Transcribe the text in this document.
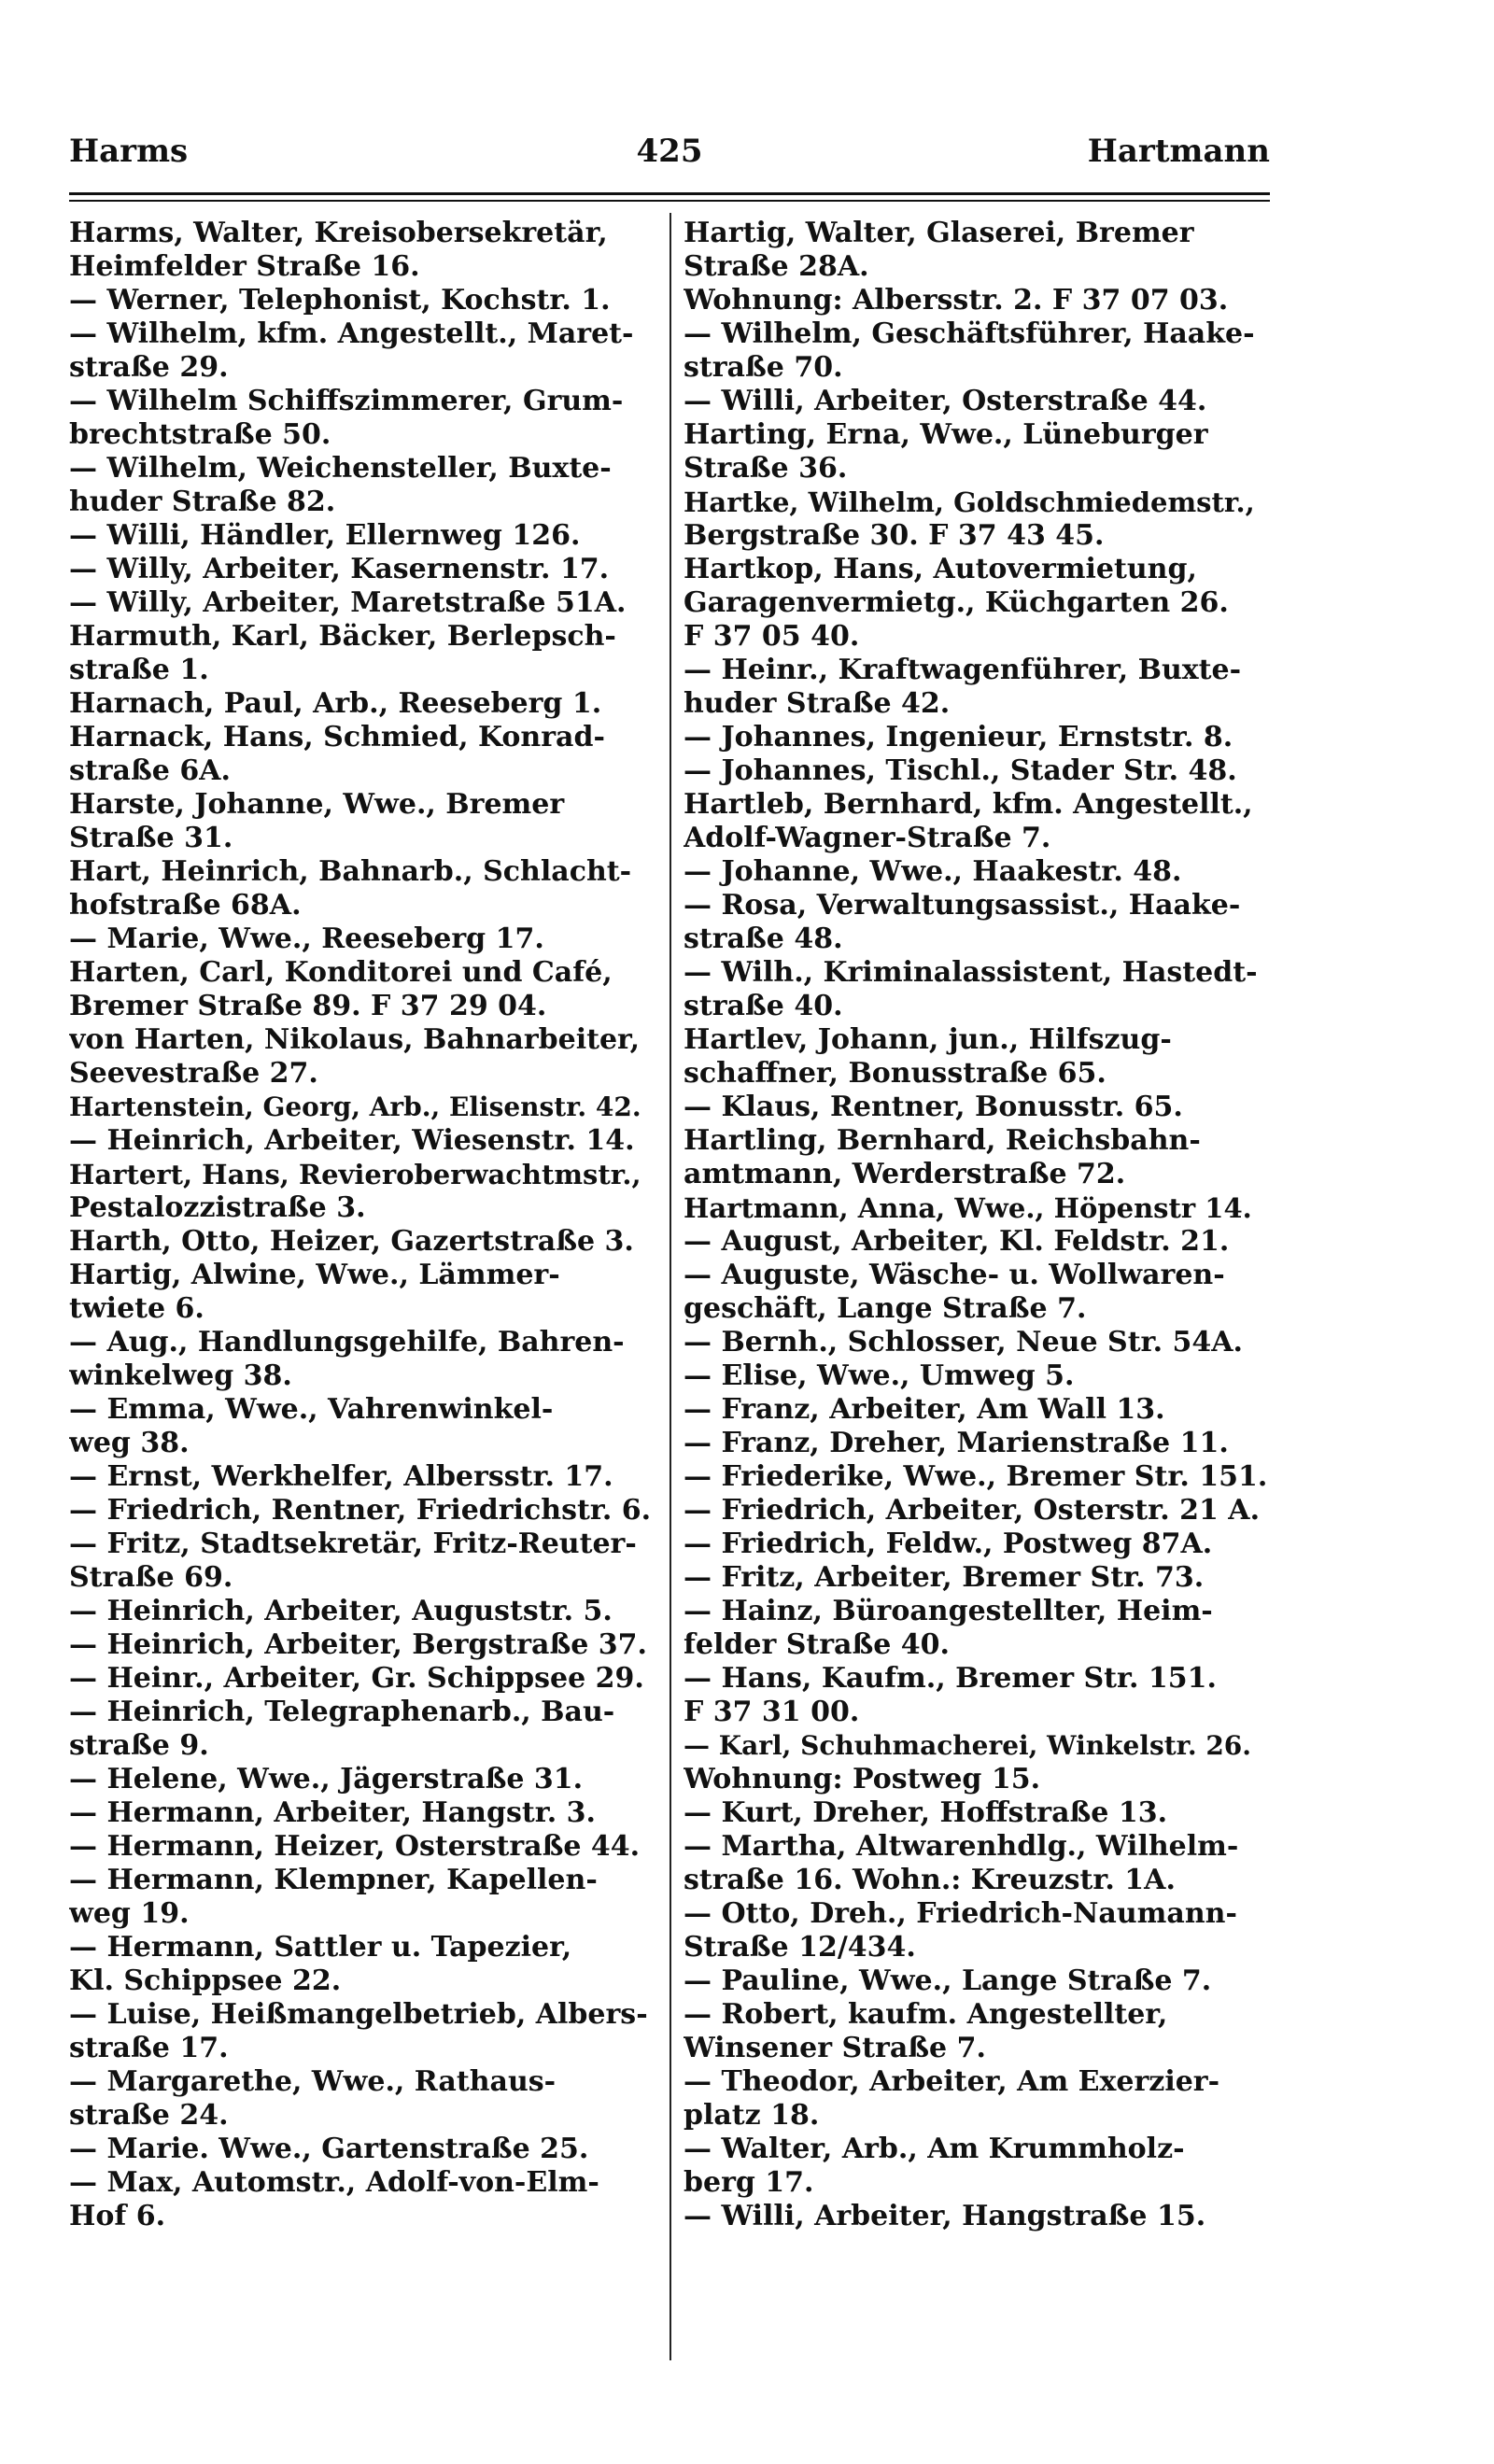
Harms	425	Hartmann
Harms, Walter, Kreisobersekretär,
Heimfelder Straße 16.
— Werner, Telephonist, Kochstr. 1.
— Wilhelm, kfm. Angestellt., Maret-
straße 29.
— Wilhelm Schiffszimmerer, Grum-
brechtstraße 50.
— Wilhelm, Weichensteller, Buxte-
huder Straße 82.
— Willi, Händler, Ellernweg 126.
— Willy, Arbeiter, Kasernenstr. 17.
— Willy, Arbeiter, Maretstraße 51A.
Harmuth, Karl, Bäcker, Berlepsch-
straße 1.
Harnach, Paul, Arb., Reeseberg 1.
Harnack, Hans, Schmied, Konrad-
straße 6A.
Harste, Johanne, Wwe., Bremer
Straße 31.
Hart, Heinrich, Bahnarb., Schlacht-
hofstraße 68A.
— Marie, Wwe., Reeseberg 17.
Harten, Carl, Konditorei und Café,
Bremer Straße 89. F 37 29 04.
von Harten, Nikolaus, Bahnarbeiter,
Seevestraße 27.
Hartenstein, Georg, Arb., Elisenstr. 42.
— Heinrich, Arbeiter, Wiesenstr. 14.
Hartert, Hans, Revieroberwachtmstr.,
Pestalozzistraße 3.
Harth, Otto, Heizer, Gazertstraße 3.
Hartig, Alwine, Wwe., Lämmer-
twiete 6.
— Aug., Handlungsgehilfe, Bahren-
winkelweg 38.
— Emma, Wwe., Vahrenwinkel-
weg 38.
— Ernst, Werkhelfer, Albersstr. 17.
— Friedrich, Rentner, Friedrichstr. 6.
— Fritz, Stadtsekretär, Fritz-Reuter-
Straße 69.
— Heinrich, Arbeiter, Auguststr. 5.
— Heinrich, Arbeiter, Bergstraße 37.
— Heinr., Arbeiter, Gr. Schippsee 29.
— Heinrich, Telegraphenarb., Bau-
straße 9.
— Helene, Wwe., Jägerstraße 31.
— Hermann, Arbeiter, Hangstr. 3.
— Hermann, Heizer, Osterstraße 44.
— Hermann, Klempner, Kapellen-
weg 19.
— Hermann, Sattler u. Tapezier,
Kl. Schippsee 22.
— Luise, Heißmangelbetrieb, Albers-
straße 17.
— Margarethe, Wwe., Rathaus-
straße 24.
— Marie. Wwe., Gartenstraße 25.
— Max, Automstr., Adolf-von-Elm-
Hof 6.
Hartig, Walter, Glaserei, Bremer
Straße 28A.
Wohnung: Albersstr. 2. F 37 07 03.
— Wilhelm, Geschäftsführer, Haake-
straße 70.
— Willi, Arbeiter, Osterstraße 44.
Harting, Erna, Wwe., Lüneburger
Straße 36.
Hartke, Wilhelm, Goldschmiedemstr.,
Bergstraße 30. F 37 43 45.
Hartkop, Hans, Autovermietung,
Garagenvermietg., Küchgarten 26.
F 37 05 40.
— Heinr., Kraftwagenführer, Buxte-
huder Straße 42.
— Johannes, Ingenieur, Ernststr. 8.
— Johannes, Tischl., Stader Str. 48.
Hartleb, Bernhard, kfm. Angestellt.,
Adolf-Wagner-Straße 7.
— Johanne, Wwe., Haakestr. 48.
— Rosa, Verwaltungsassist., Haake-
straße 48.
— Wilh., Kriminalassistent, Hastedt-
straße 40.
Hartlev, Johann, jun., Hilfszug-
schaffner, Bonusstraße 65.
— Klaus, Rentner, Bonusstr. 65.
Hartling, Bernhard, Reichsbahn-
amtmann, Werderstraße 72.
Hartmann, Anna, Wwe., Höpenstr 14.
— August, Arbeiter, Kl. Feldstr. 21.
— Auguste, Wäsche- u. Wollwaren-
geschäft, Lange Straße 7.
— Bernh., Schlosser, Neue Str. 54A.
— Elise, Wwe., Umweg 5.
— Franz, Arbeiter, Am Wall 13.
— Franz, Dreher, Marienstraße 11.
— Friederike, Wwe., Bremer Str. 151.
— Friedrich, Arbeiter, Osterstr. 21 A.
— Friedrich, Feldw., Postweg 87A.
— Fritz, Arbeiter, Bremer Str. 73.
— Hainz, Büroangestellter, Heim-
felder Straße 40.
— Hans, Kaufm., Bremer Str. 151.
F 37 31 00.
— Karl, Schuhmacherei, Winkelstr. 26.
Wohnung: Postweg 15.
— Kurt, Dreher, Hoffstraße 13.
— Martha, Altwarenhdlg., Wilhelm-
straße 16. Wohn.: Kreuzstr. 1A.
— Otto, Dreh., Friedrich-Naumann-
Straße 12/434.
— Pauline, Wwe., Lange Straße 7.
— Robert, kaufm. Angestellter,
Winsener Straße 7.
— Theodor, Arbeiter, Am Exerzier-
platz 18.
— Walter, Arb., Am Krummholz-
berg 17.
— Willi, Arbeiter, Hangstraße 15.
